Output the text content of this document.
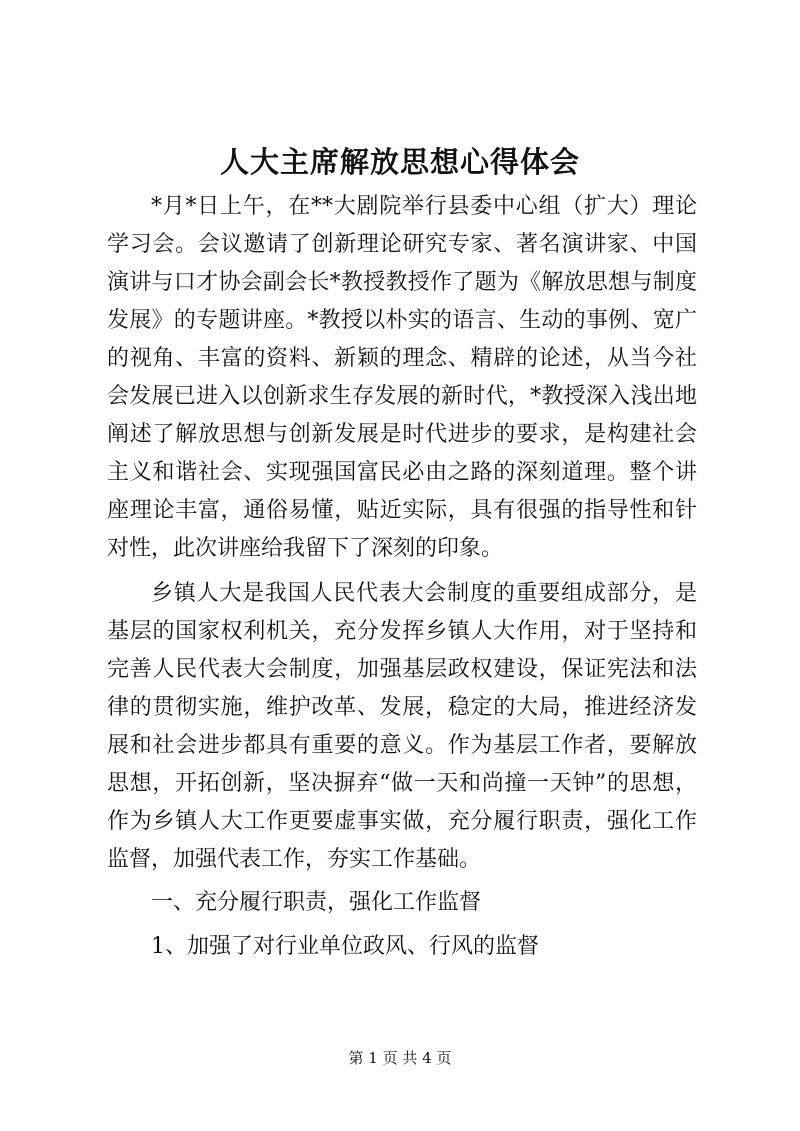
人大主席解放思想心得体会

*月*日上午，在**大剧院举行县委中心组（扩大）理论学习会。会议邀请了创新理论研究专家、著名演讲家、中国演讲与口才协会副会长*教授教授作了题为《解放思想与制度发展》的专题讲座。*教授以朴实的语言、生动的事例、宽广的视角、丰富的资料、新颖的理念、精辟的论述，从当今社会发展已进入以创新求生存发展的新时代，*教授深入浅出地阐述了解放思想与创新发展是时代进步的要求，是构建社会主义和谐社会、实现强国富民必由之路的深刻道理。整个讲座理论丰富，通俗易懂，贴近实际，具有很强的指导性和针对性，此次讲座给我留下了深刻的印象。

乡镇人大是我国人民代表大会制度的重要组成部分，是基层的国家权利机关，充分发挥乡镇人大作用，对于坚持和完善人民代表大会制度，加强基层政权建设，保证宪法和法律的贯彻实施，维护改革、发展，稳定的大局，推进经济发展和社会进步都具有重要的意义。作为基层工作者，要解放思想，开拓创新，坚决摒弃“做一天和尚撞一天钟”的思想，作为乡镇人大工作更要虚事实做，充分履行职责，强化工作监督，加强代表工作，夯实工作基础。

一、充分履行职责，强化工作监督

1、加强了对行业单位政风、行风的监督

第 1 页 共 4 页
